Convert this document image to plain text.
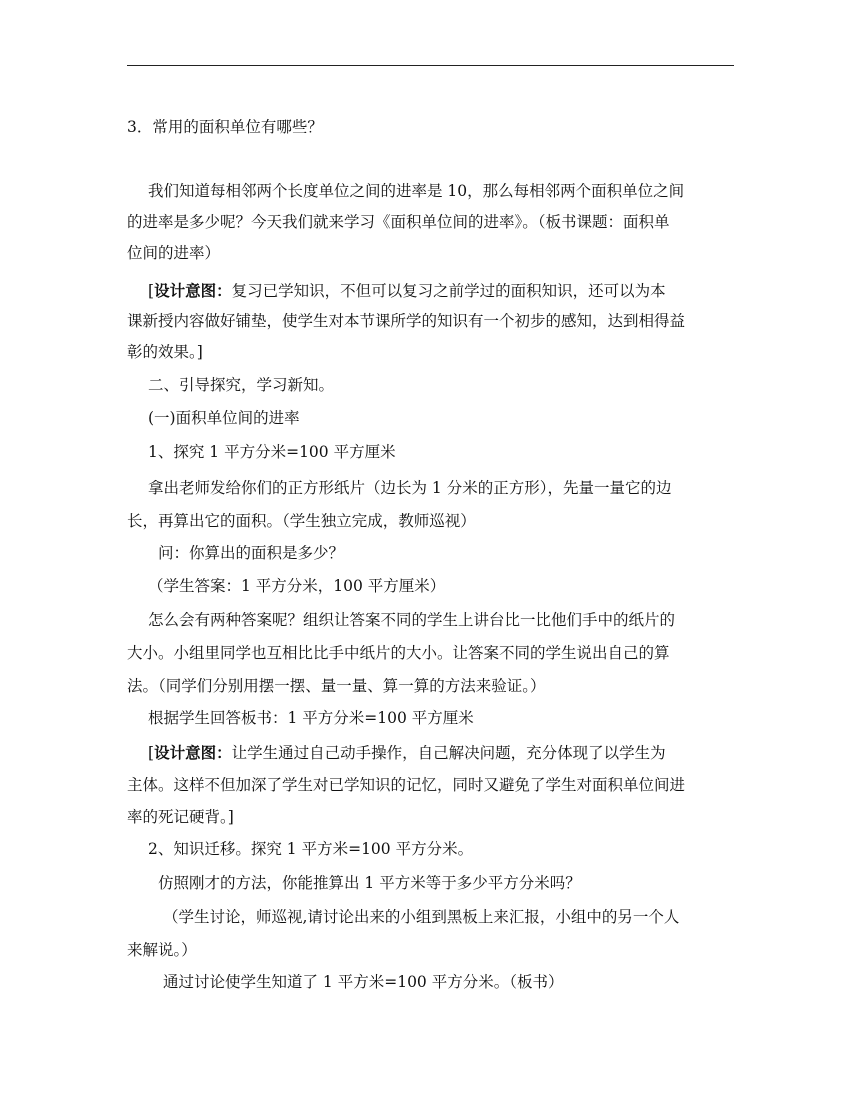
3．常用的面积单位有哪些？
我们知道每相邻两个长度单位之间的进率是 10，那么每相邻两个面积单位之间
的进率是多少呢？今天我们就来学习《面积单位间的进率》。（板书课题：面积单
位间的进率）
[设计意图：复习已学知识，不但可以复习之前学过的面积知识，还可以为本
课新授内容做好铺垫，使学生对本节课所学的知识有一个初步的感知，达到相得益
彰的效果。]
二、引导探究，学习新知。
(一)面积单位间的进率
1、探究 1 平方分米=100 平方厘米
拿出老师发给你们的正方形纸片（边长为 1 分米的正方形），先量一量它的边
长，再算出它的面积。（学生独立完成，教师巡视）
问：你算出的面积是多少？
（学生答案：1 平方分米，100 平方厘米）
怎么会有两种答案呢？组织让答案不同的学生上讲台比一比他们手中的纸片的
大小。小组里同学也互相比比手中纸片的大小。让答案不同的学生说出自己的算
法。（同学们分别用摆一摆、量一量、算一算的方法来验证。）
根据学生回答板书：1 平方分米=100 平方厘米
[设计意图：让学生通过自己动手操作，自己解决问题，充分体现了以学生为
主体。这样不但加深了学生对已学知识的记忆，同时又避免了学生对面积单位间进
率的死记硬背。]
2、知识迁移。探究 1 平方米=100 平方分米。
仿照刚才的方法，你能推算出 1 平方米等于多少平方分米吗？
（学生讨论，师巡视,请讨论出来的小组到黑板上来汇报，小组中的另一个人
来解说。）
通过讨论使学生知道了 1 平方米=100 平方分米。（板书）
